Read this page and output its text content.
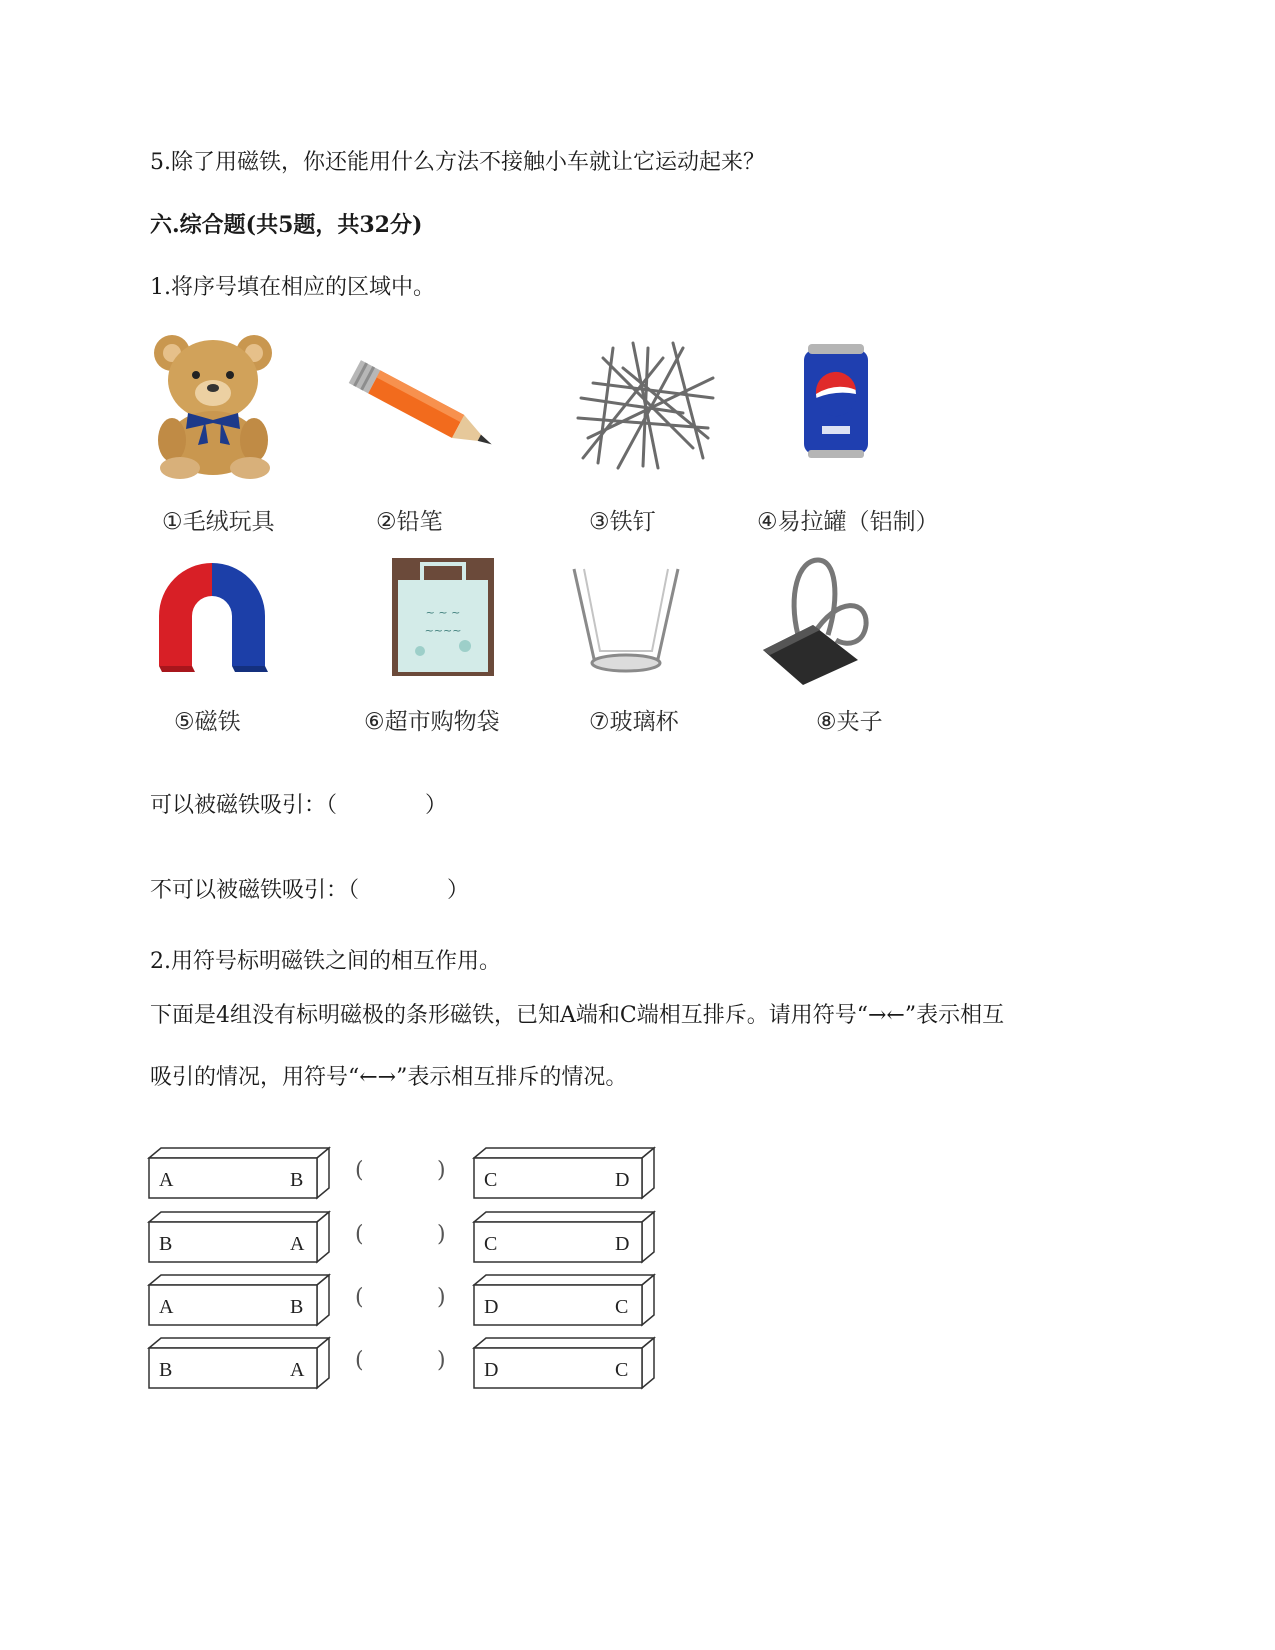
5.除了用磁铁，你还能用什么方法不接触小车就让它运动起来？
六.综合题(共5题，共32分)
1.将序号填在相应的区域中。
①毛绒玩具	②铅笔	③铁钉	④易拉罐（铝制）
~ ~ ~
~~~~
⑤磁铁	⑥超市购物袋	⑦玻璃杯	⑧夹子
可以被磁铁吸引：（　　　　）
不可以被磁铁吸引：（　　　　）
2.用符号标明磁铁之间的相互作用。
下面是4组没有标明磁极的条形磁铁，已知A端和C端相互排斥。请用符号“→←”表示相互
吸引的情况，用符号“←→”表示相互排斥的情况。
A	B (	) C	D
B	A (	) C	D
A	B (	) D	C
B	A (	) D	C
